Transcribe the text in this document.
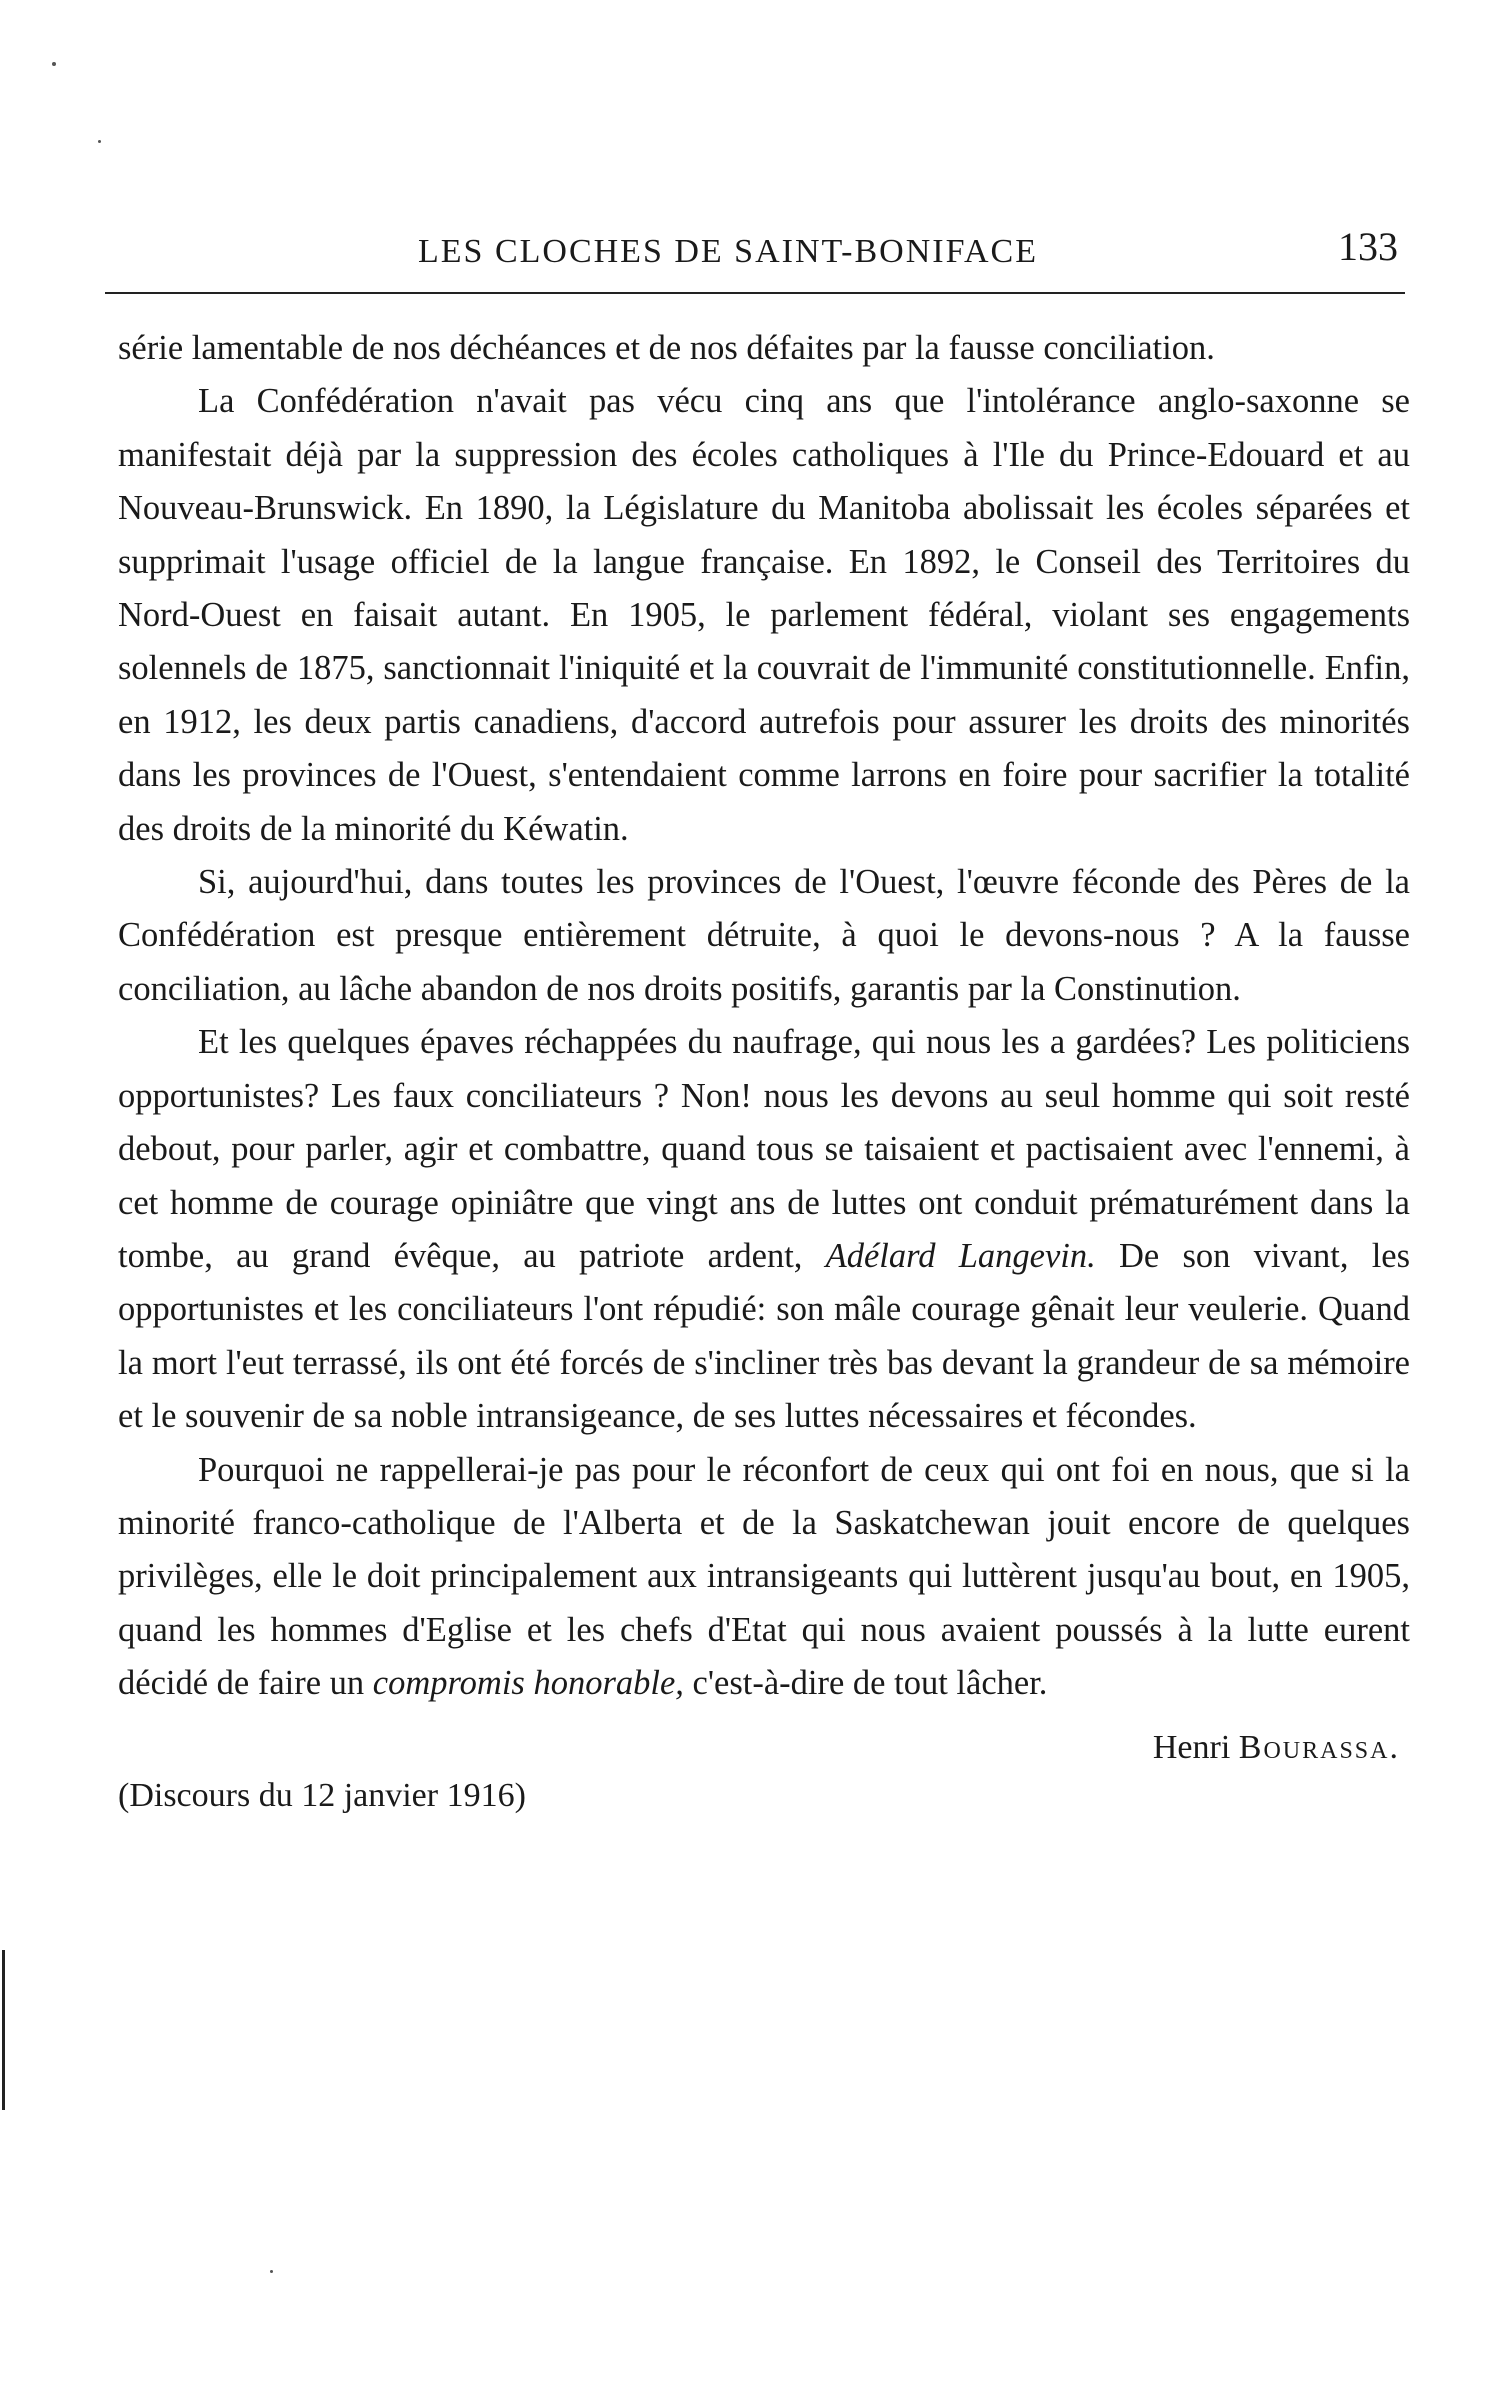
LES CLOCHES DE SAINT-BONIFACE	133

série lamentable de nos déchéances et de nos défaites par la fausse conciliation.

La Confédération n'avait pas vécu cinq ans que l'intolérance anglo-saxonne se manifestait déjà par la suppression des écoles catholiques à l'Ile du Prince-Edouard et au Nouveau-Brunswick. En 1890, la Législature du Manitoba abolissait les écoles séparées et supprimait l'usage officiel de la langue française. En 1892, le Conseil des Territoires du Nord-Ouest en faisait autant. En 1905, le parlement fédéral, violant ses engagements solennels de 1875, sanctionnait l'iniquité et la couvrait de l'immunité constitutionnelle. Enfin, en 1912, les deux partis canadiens, d'accord autrefois pour assurer les droits des minorités dans les provinces de l'Ouest, s'entendaient comme larrons en foire pour sacrifier la totalité des droits de la minorité du Kéwatin.

Si, aujourd'hui, dans toutes les provinces de l'Ouest, l'œuvre féconde des Pères de la Confédération est presque entièrement détruite, à quoi le devons-nous ? A la fausse conciliation, au lâche abandon de nos droits positifs, garantis par la Constinution.

Et les quelques épaves réchappées du naufrage, qui nous les a gardées? Les politiciens opportunistes? Les faux conciliateurs ? Non! nous les devons au seul homme qui soit resté debout, pour parler, agir et combattre, quand tous se taisaient et pactisaient avec l'ennemi, à cet homme de courage opiniâtre que vingt ans de luttes ont conduit prématurément dans la tombe, au grand évêque, au patriote ardent, Adélard Langevin. De son vivant, les opportunistes et les conciliateurs l'ont répudié: son mâle courage gênait leur veulerie. Quand la mort l'eut terrassé, ils ont été forcés de s'incliner très bas devant la grandeur de sa mémoire et le souvenir de sa noble intransigeance, de ses luttes nécessaires et fécondes.

Pourquoi ne rappellerai-je pas pour le réconfort de ceux qui ont foi en nous, que si la minorité franco-catholique de l'Alberta et de la Saskatchewan jouit encore de quelques privilèges, elle le doit principalement aux intransigeants qui luttèrent jusqu'au bout, en 1905, quand les hommes d'Eglise et les chefs d'Etat qui nous avaient poussés à la lutte eurent décidé de faire un compromis honorable, c'est-à-dire de tout lâcher.

Henri Bourassa.
(Discours du 12 janvier 1916)
